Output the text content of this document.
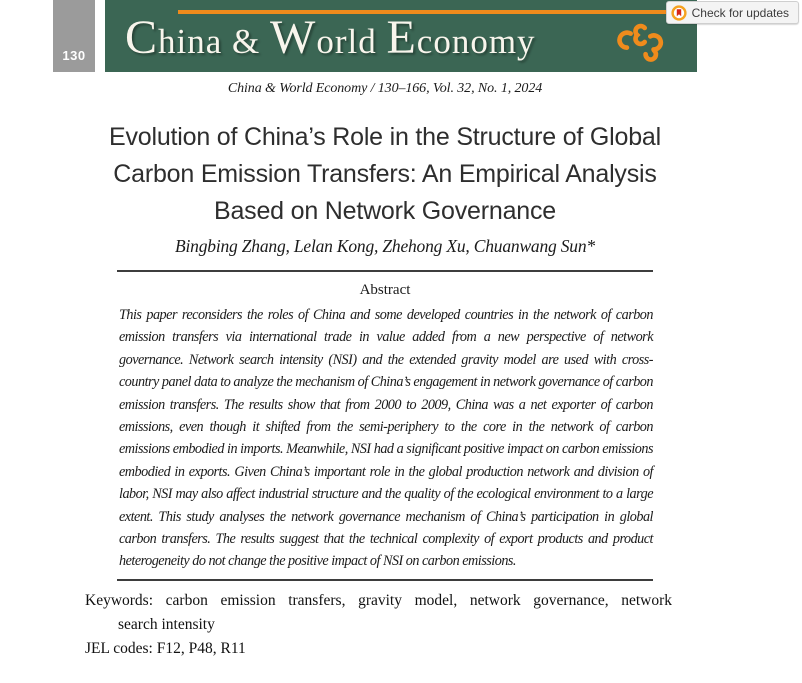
130 China & World Economy
Check for updates
China & World Economy / 130–166, Vol. 32, No. 1, 2024
Evolution of China’s Role in the Structure of Global
Carbon Emission Transfers: An Empirical Analysis
Based on Network Governance
Bingbing Zhang, Lelan Kong, Zhehong Xu, Chuanwang Sun*
Abstract

This paper reconsiders the roles of China and some developed countries in the network of carbon emission transfers via international trade in value added from a new perspective of network governance. Network search intensity (NSI) and the extended gravity model are used with cross-country panel data to analyze the mechanism of China’s engagement in network governance of carbon emission transfers. The results show that from 2000 to 2009, China was a net exporter of carbon emissions, even though it shifted from the semi-periphery to the core in the network of carbon emissions embodied in imports. Meanwhile, NSI had a significant positive impact on carbon emissions embodied in exports. Given China’s important role in the global production network and division of labor, NSI may also affect industrial structure and the quality of the ecological environment to a large extent. This study analyses the network governance mechanism of China’s participation in global carbon transfers. The results suggest that the technical complexity of export products and product heterogeneity do not change the positive impact of NSI on carbon emissions.

Keywords: carbon emission transfers, gravity model, network governance, network
search intensity
JEL codes: F12, P48, R11
